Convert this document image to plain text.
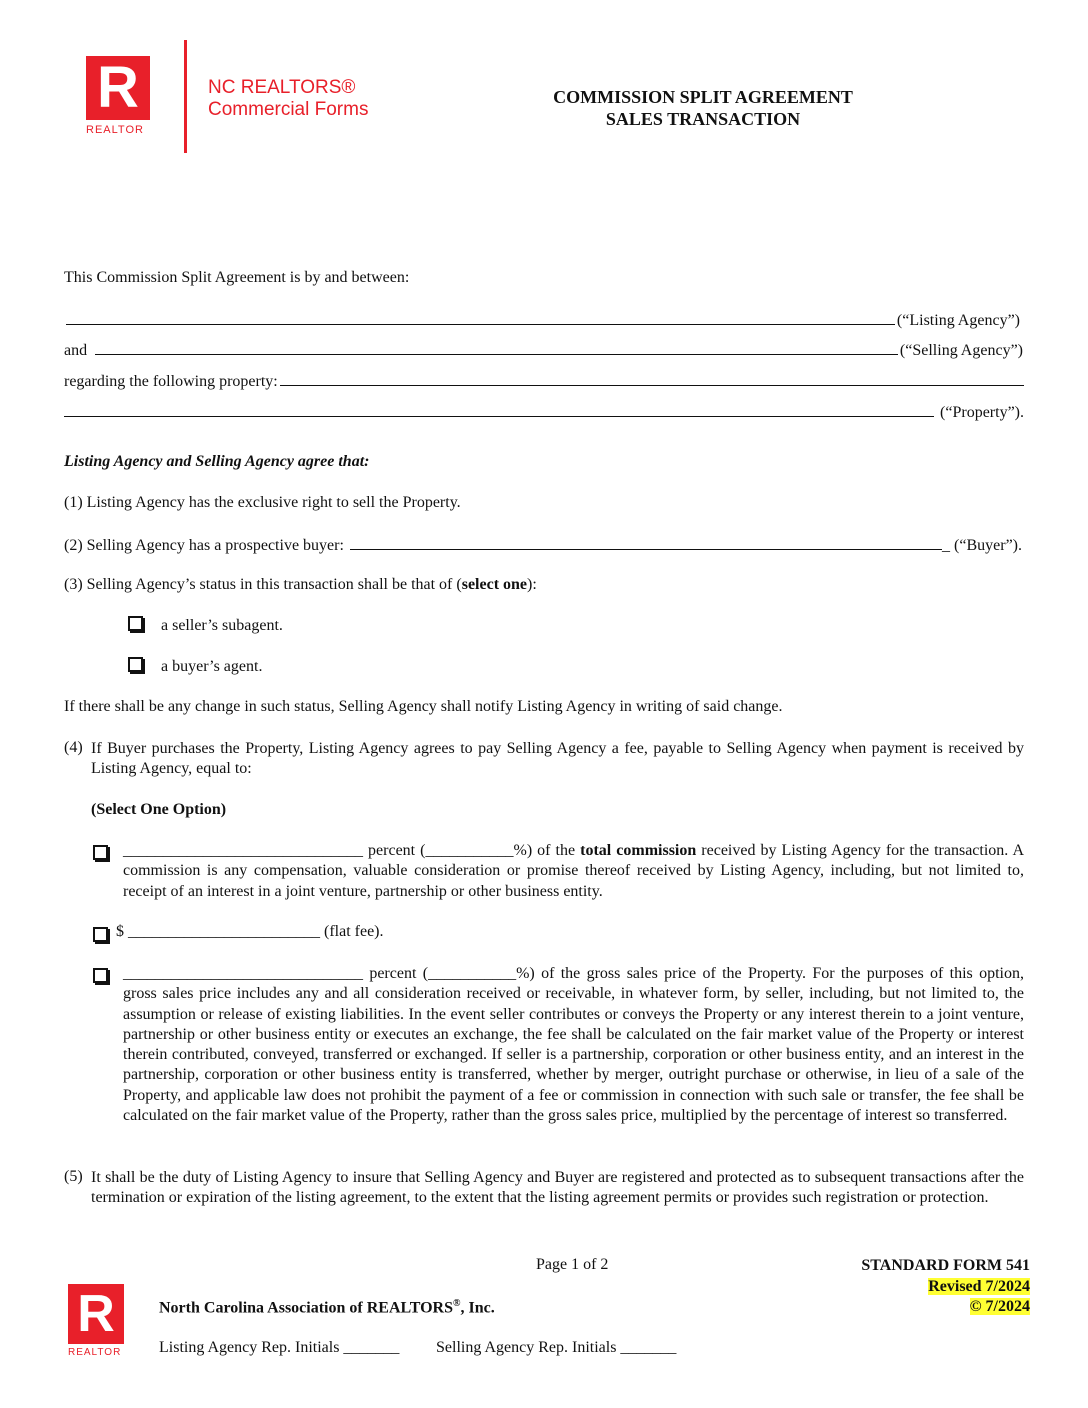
R
REALTOR
NC REALTORS®
Commercial Forms
COMMISSION SPLIT AGREEMENT
SALES TRANSACTION
This Commission Split Agreement is by and between:
(“Listing Agency”)
and	(“Selling Agency”)
regarding the following property:
(“Property”).
Listing Agency and Selling Agency agree that:
(1) Listing Agency has the exclusive right to sell the Property.
(2) Selling Agency has a prospective buyer:	_ (“Buyer”).
(3) Selling Agency’s status in this transaction shall be that of (select one):
a seller’s subagent.
a buyer’s agent.
If there shall be any change in such status, Selling Agency shall notify Listing Agency in writing of said change.
(4) If Buyer purchases the Property, Listing Agency agrees to pay Selling Agency a fee, payable to Selling Agency when payment is received by Listing Agency, equal to:
(Select One Option)
______________________________ percent (___________%) of the total commission received by Listing Agency for the transaction. A commission is any compensation, valuable consideration or promise thereof received by Listing Agency, including, but not limited to, receipt of an interest in a joint venture, partnership or other business entity.
$ ________________________ (flat fee).
______________________________ percent (___________%) of the gross sales price of the Property. For the purposes of this option, gross sales price includes any and all consideration received or receivable, in whatever form, by seller, including, but not limited to, the assumption or release of existing liabilities. In the event seller contributes or conveys the Property or any interest therein to a joint venture, partnership or other business entity or executes an exchange, the fee shall be calculated on the fair market value of the Property or interest therein contributed, conveyed, transferred or exchanged. If seller is a partnership, corporation or other business entity, and an interest in the partnership, corporation or other business entity is transferred, whether by merger, outright purchase or otherwise, in lieu of a sale of the Property, and applicable law does not prohibit the payment of a fee or commission in connection with such sale or transfer, the fee shall be calculated on the fair market value of the Property, rather than the gross sales price, multiplied by the percentage of interest so transferred.
(5) It shall be the duty of Listing Agency to insure that Selling Agency and Buyer are registered and protected as to subsequent transactions after the termination or expiration of the listing agreement, to the extent that the listing agreement permits or provides such registration or protection.
Page 1 of 2	STANDARD FORM 541
Revised 7/2024
© 7/2024
R
REALTOR
North Carolina Association of REALTORS®, Inc.
Listing Agency Rep. Initials _______ Selling Agency Rep. Initials _______
